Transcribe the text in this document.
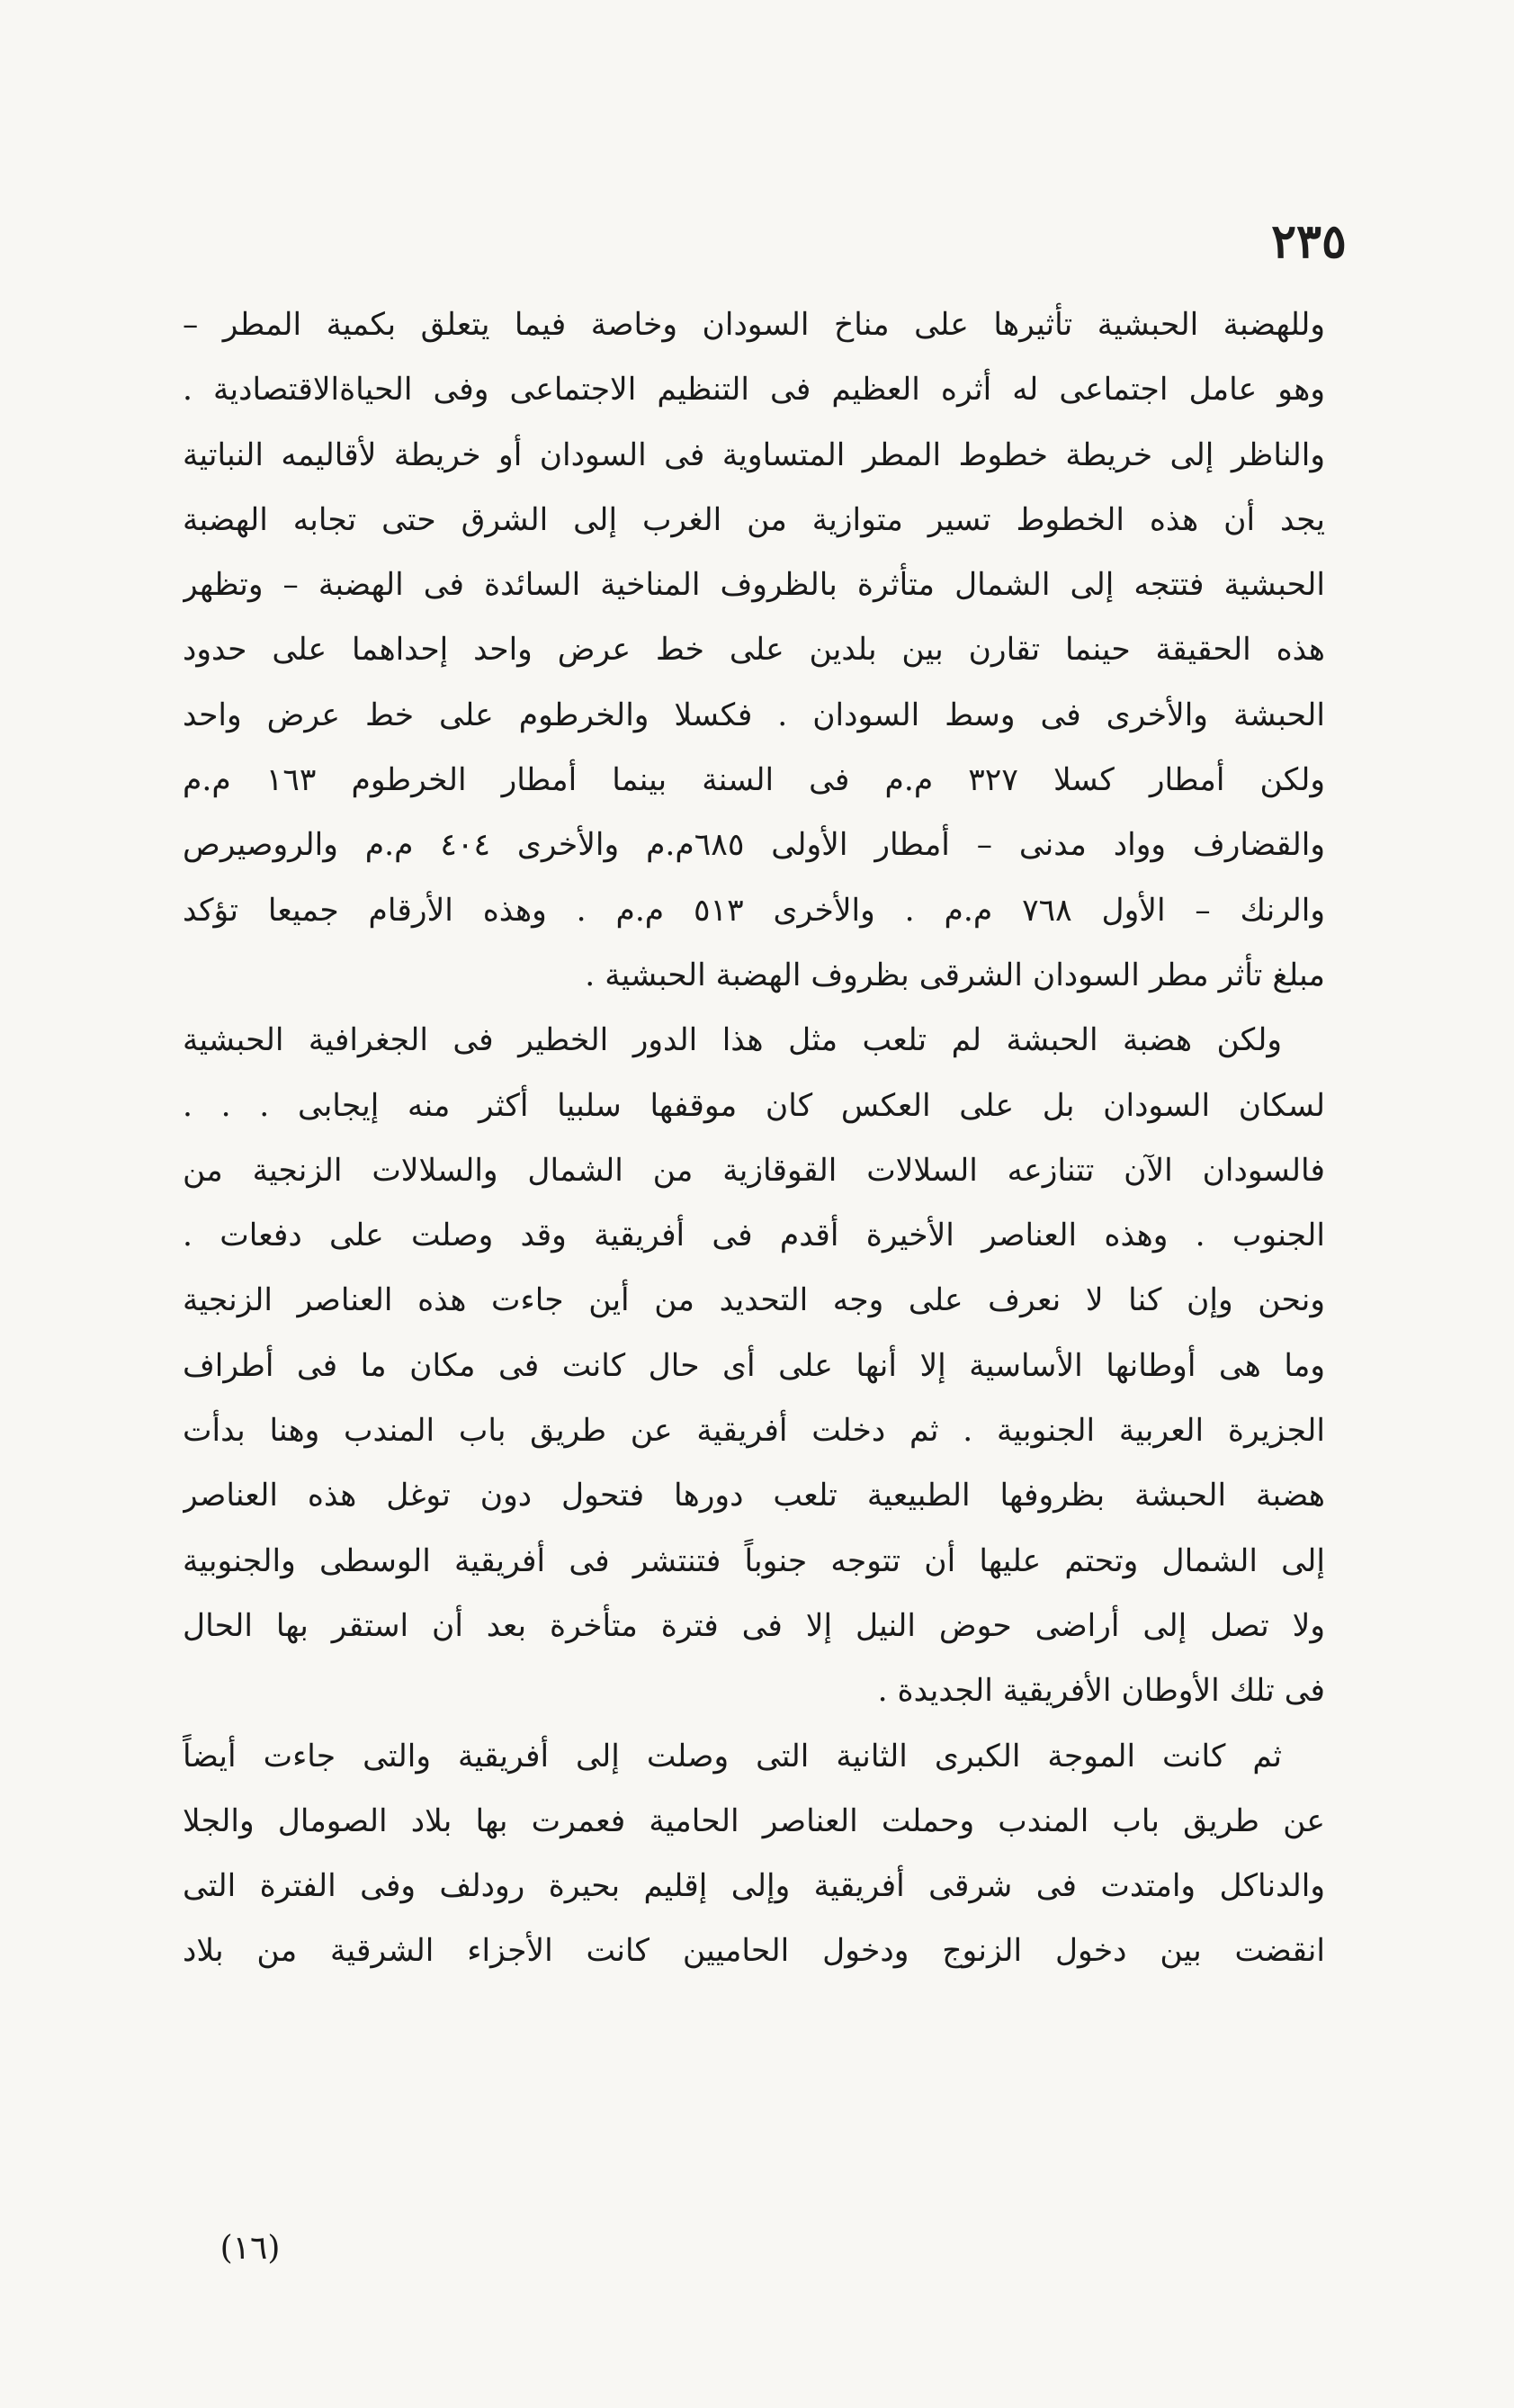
٢٣٥
وللهضبة الحبشية تأثيرها على مناخ السودان وخاصة فيما يتعلق بكمية المطر –
وهو عامل اجتماعى له أثره العظيم فى التنظيم الاجتماعى وفى الحياةالاقتصادية .
والناظر إلى خريطة خطوط المطر المتساوية فى السودان أو خريطة لأقاليمه النباتية
يجد أن هذه الخطوط تسير متوازية من الغرب إلى الشرق حتى تجابه الهضبة
الحبشية فتتجه إلى الشمال متأثرة بالظروف المناخية السائدة فى الهضبة – وتظهر
هذه الحقيقة حينما تقارن بين بلدين على خط عرض واحد إحداهما على حدود
الحبشة والأخرى فى وسط السودان . فكسلا والخرطوم على خط عرض واحد
ولكن أمطار كسلا ٣٢٧ م.م فى السنة بينما أمطار الخرطوم ١٦٣ م.م
والقضارف وواد مدنى – أمطار الأولى ٦٨٥م.م والأخرى ٤٠٤ م.م والروصيرص
والرنك – الأول ٧٦٨ م.م . والأخرى ٥١٣ م.م . وهذه الأرقام جميعا تؤكد
مبلغ تأثر مطر السودان الشرقى بظروف الهضبة الحبشية .
ولكن هضبة الحبشة لم تلعب مثل هذا الدور الخطير فى الجغرافية الحبشية
لسكان السودان بل على العكس كان موقفها سلبيا أكثر منه إيجابى . . .
فالسودان الآن تتنازعه السلالات القوقازية من الشمال والسلالات الزنجية من
الجنوب . وهذه العناصر الأخيرة أقدم فى أفريقية وقد وصلت على دفعات .
ونحن وإن كنا لا نعرف على وجه التحديد من أين جاءت هذه العناصر الزنجية
وما هى أوطانها الأساسية إلا أنها على أى حال كانت فى مكان ما فى أطراف
الجزيرة العربية الجنوبية . ثم دخلت أفريقية عن طريق باب المندب وهنا بدأت
هضبة الحبشة بظروفها الطبيعية تلعب دورها فتحول دون توغل هذه العناصر
إلى الشمال وتحتم عليها أن تتوجه جنوباً فتنتشر فى أفريقية الوسطى والجنوبية
ولا تصل إلى أراضى حوض النيل إلا فى فترة متأخرة بعد أن استقر بها الحال
فى تلك الأوطان الأفريقية الجديدة .
ثم كانت الموجة الكبرى الثانية التى وصلت إلى أفريقية والتى جاءت أيضاً
عن طريق باب المندب وحملت العناصر الحامية فعمرت بها بلاد الصومال والجلا
والدناكل وامتدت فى شرقى أفريقية وإلى إقليم بحيرة رودلف وفى الفترة التى
انقضت بين دخول الزنوج ودخول الحاميين كانت الأجزاء الشرقية من بلاد
(١٦)
